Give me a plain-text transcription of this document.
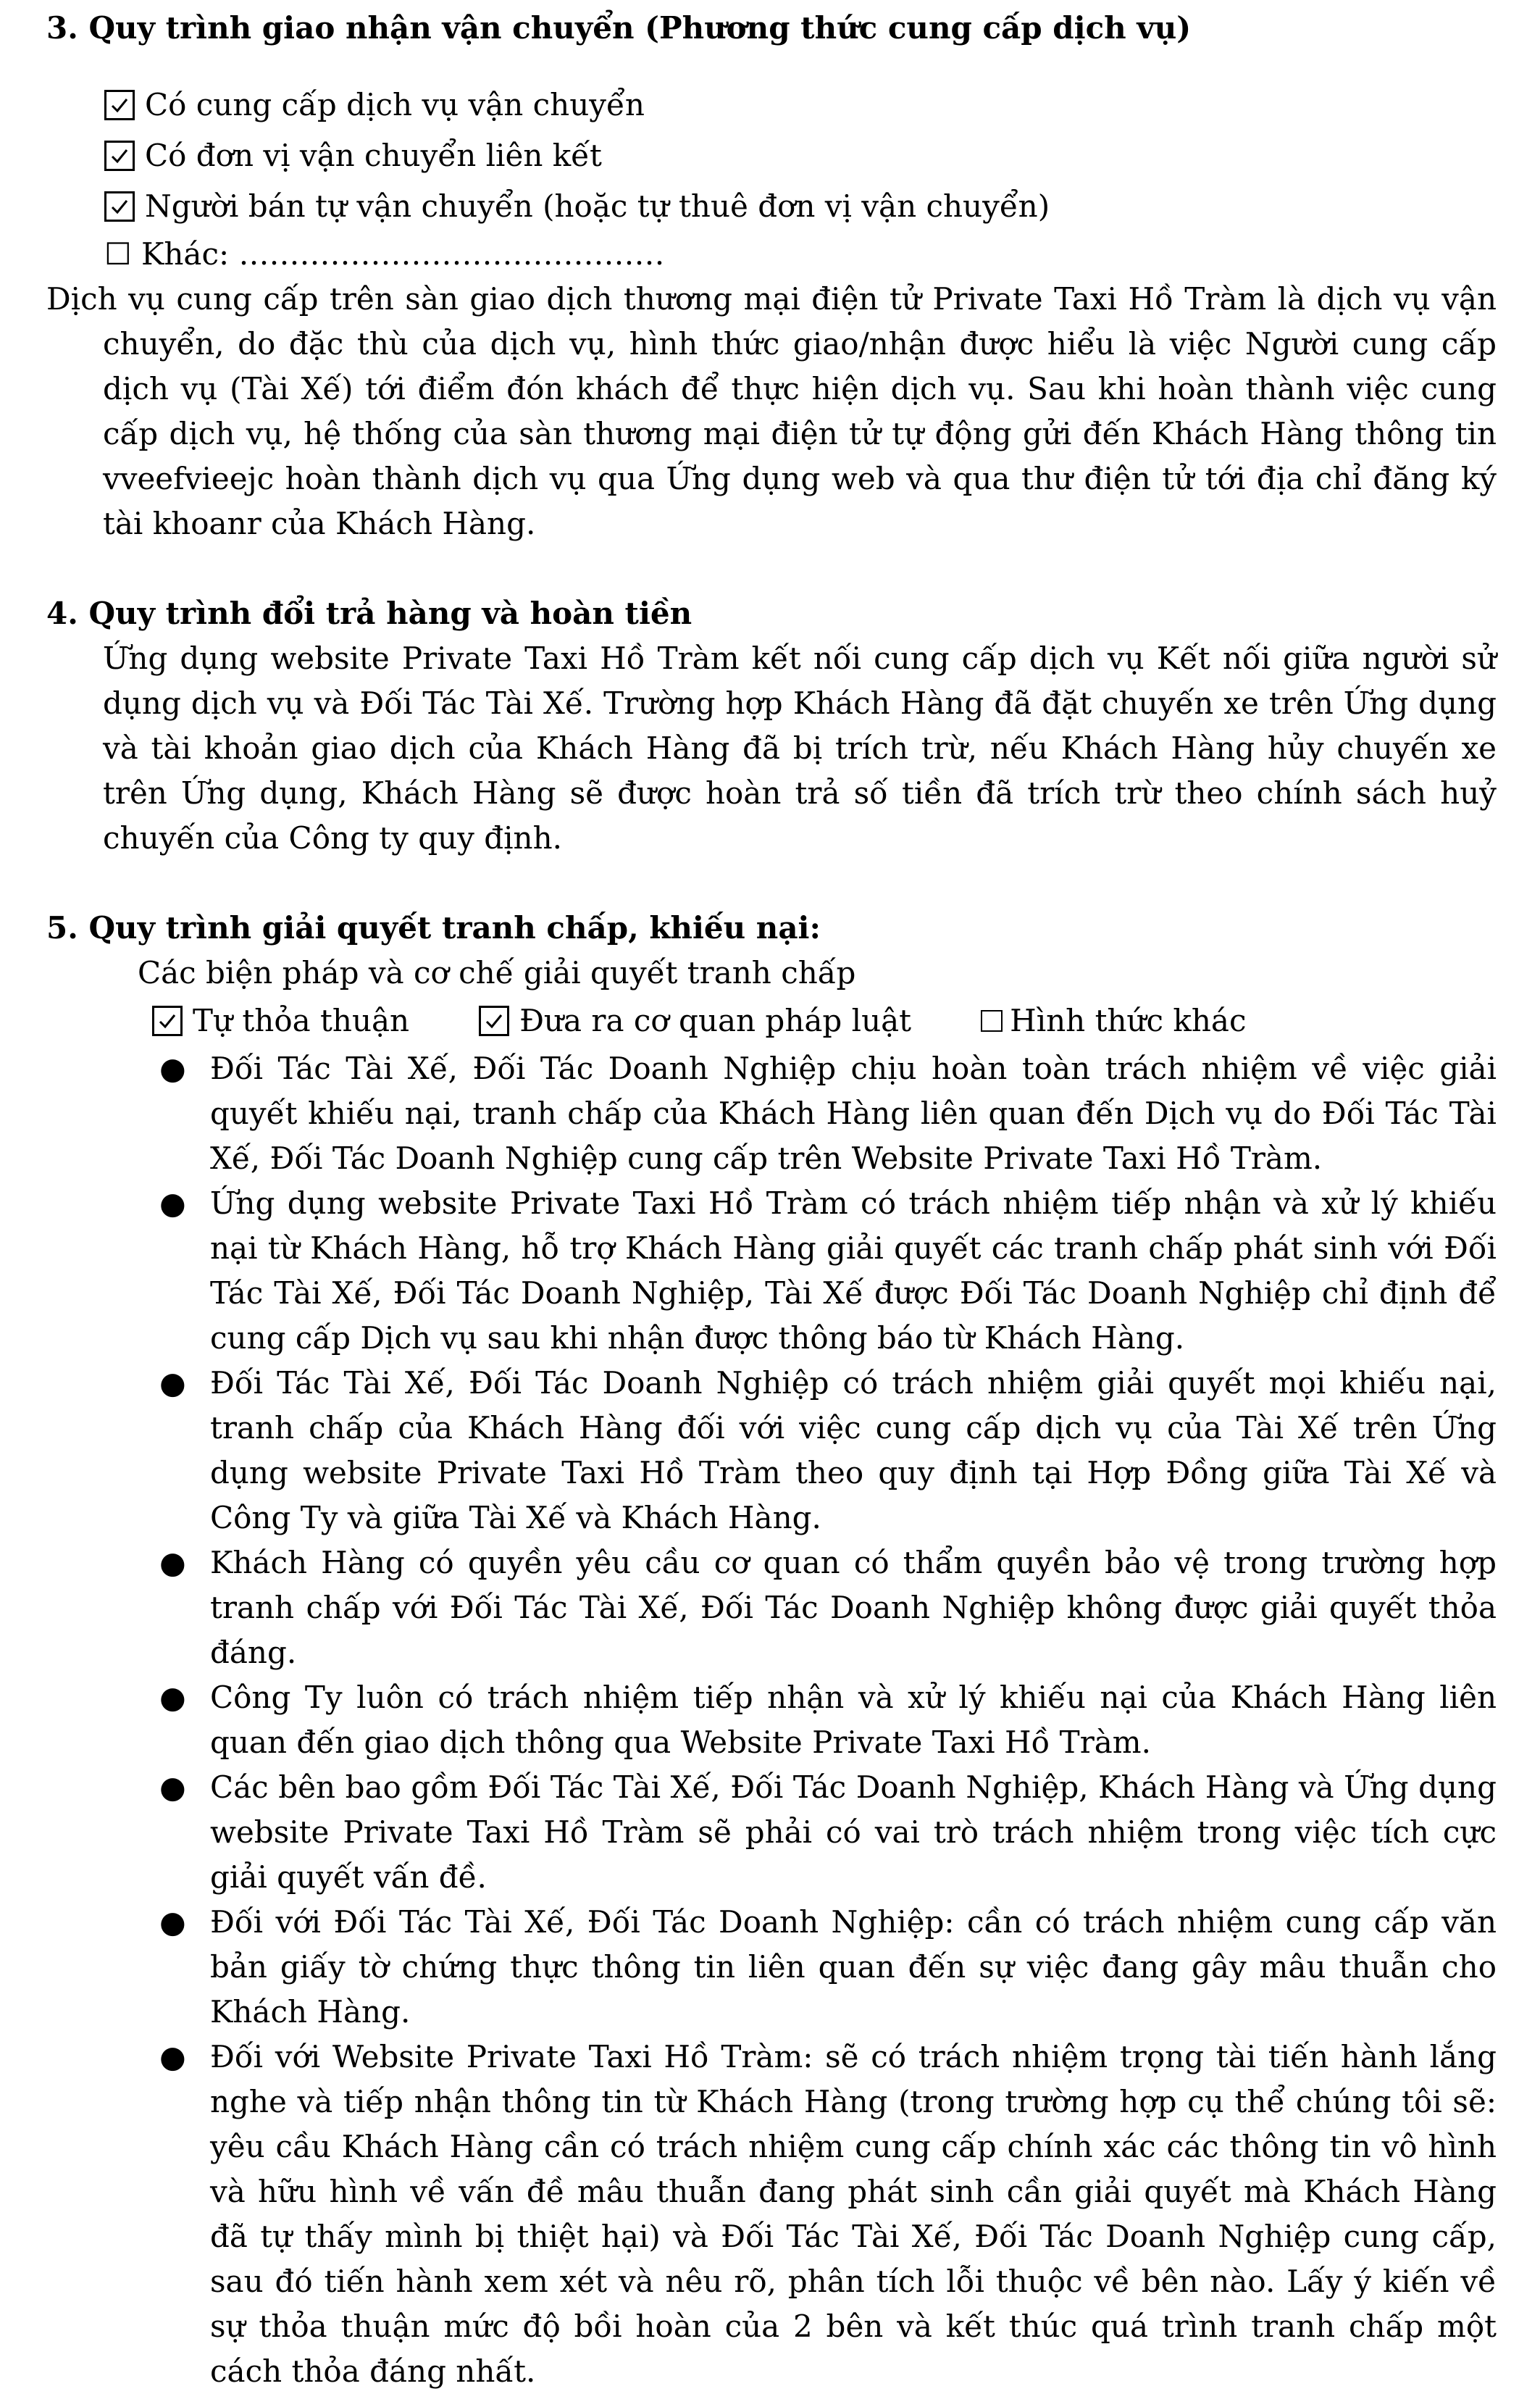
3. Quy trình giao nhận vận chuyển (Phương thức cung cấp dịch vụ)
Có cung cấp dịch vụ vận chuyển
Có đơn vị vận chuyển liên kết
Người bán tự vận chuyển (hoặc tự thuê đơn vị vận chuyển)
☐ Khác: ……………………………………

Dịch vụ cung cấp trên sàn giao dịch thương mại điện tử Private Taxi Hồ Tràm là dịch vụ vận chuyển, do đặc thù của dịch vụ, hình thức giao/nhận được hiểu là việc Người cung cấp dịch vụ (Tài Xế) tới điểm đón khách để thực hiện dịch vụ. Sau khi hoàn thành việc cung cấp dịch vụ, hệ thống của sàn thương mại điện tử tự động gửi đến Khách Hàng thông tin vveefvieejc hoàn thành dịch vụ qua Ứng dụng web và qua thư điện tử tới địa chỉ đăng ký tài khoanr của Khách Hàng.

4. Quy trình đổi trả hàng và hoàn tiền

Ứng dụng website Private Taxi Hồ Tràm kết nối cung cấp dịch vụ Kết nối giữa người sử dụng dịch vụ và Đối Tác Tài Xế. Trường hợp Khách Hàng đã đặt chuyến xe trên Ứng dụng và tài khoản giao dịch của Khách Hàng đã bị trích trừ, nếu Khách Hàng hủy chuyến xe trên Ứng dụng, Khách Hàng sẽ được hoàn trả số tiền đã trích trừ theo chính sách huỷ chuyến của Công ty quy định.

5. Quy trình giải quyết tranh chấp, khiếu nại:

Các biện pháp và cơ chế giải quyết tranh chấp

Tự thỏa thuận	Đưa ra cơ quan pháp luật	Hình thức khác
● Đối Tác Tài Xế, Đối Tác Doanh Nghiệp chịu hoàn toàn trách nhiệm về việc giải quyết khiếu nại, tranh chấp của Khách Hàng liên quan đến Dịch vụ do Đối Tác Tài Xế, Đối Tác Doanh Nghiệp cung cấp trên Website Private Taxi Hồ Tràm.
● Ứng dụng website Private Taxi Hồ Tràm có trách nhiệm tiếp nhận và xử lý khiếu nại từ Khách Hàng, hỗ trợ Khách Hàng giải quyết các tranh chấp phát sinh với Đối Tác Tài Xế, Đối Tác Doanh Nghiệp, Tài Xế được Đối Tác Doanh Nghiệp chỉ định để cung cấp Dịch vụ sau khi nhận được thông báo từ Khách Hàng.
● Đối Tác Tài Xế, Đối Tác Doanh Nghiệp có trách nhiệm giải quyết mọi khiếu nại, tranh chấp của Khách Hàng đối với việc cung cấp dịch vụ của Tài Xế trên Ứng dụng website Private Taxi Hồ Tràm theo quy định tại Hợp Đồng giữa Tài Xế và Công Ty và giữa Tài Xế và Khách Hàng.
● Khách Hàng có quyền yêu cầu cơ quan có thẩm quyền bảo vệ trong trường hợp tranh chấp với Đối Tác Tài Xế, Đối Tác Doanh Nghiệp không được giải quyết thỏa đáng.
● Công Ty luôn có trách nhiệm tiếp nhận và xử lý khiếu nại của Khách Hàng liên quan đến giao dịch thông qua Website Private Taxi Hồ Tràm.
● Các bên bao gồm Đối Tác Tài Xế, Đối Tác Doanh Nghiệp, Khách Hàng và Ứng dụng website Private Taxi Hồ Tràm sẽ phải có vai trò trách nhiệm trong việc tích cực giải quyết vấn đề.
● Đối với Đối Tác Tài Xế, Đối Tác Doanh Nghiệp: cần có trách nhiệm cung cấp văn bản giấy tờ chứng thực thông tin liên quan đến sự việc đang gây mâu thuẫn cho Khách Hàng.
● Đối với Website Private Taxi Hồ Tràm: sẽ có trách nhiệm trọng tài tiến hành lắng nghe và tiếp nhận thông tin từ Khách Hàng (trong trường hợp cụ thể chúng tôi sẽ: yêu cầu Khách Hàng cần có trách nhiệm cung cấp chính xác các thông tin vô hình và hữu hình về vấn đề mâu thuẫn đang phát sinh cần giải quyết mà Khách Hàng đã tự thấy mình bị thiệt hại) và Đối Tác Tài Xế, Đối Tác Doanh Nghiệp cung cấp, sau đó tiến hành xem xét và nêu rõ, phân tích lỗi thuộc về bên nào. Lấy ý kiến về sự thỏa thuận mức độ bồi hoàn của 2 bên và kết thúc quá trình tranh chấp một cách thỏa đáng nhất.
